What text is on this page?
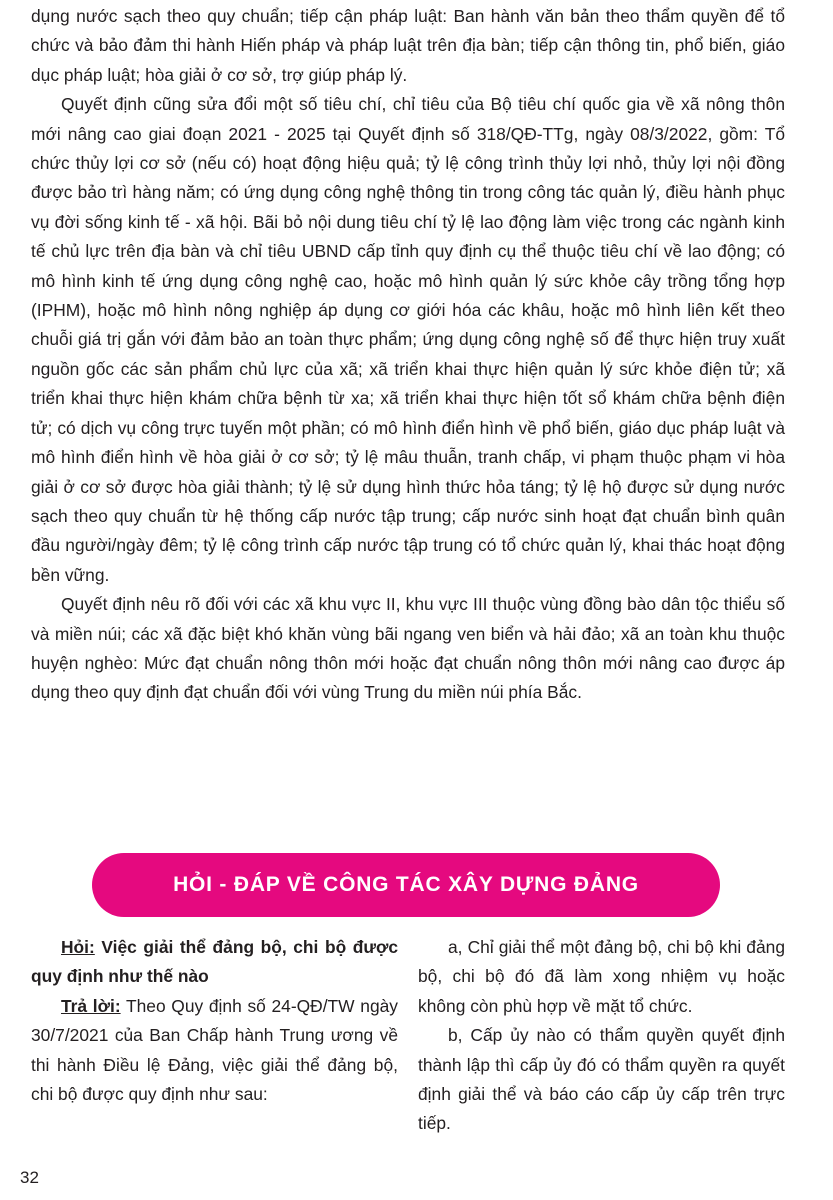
dụng nước sạch theo quy chuẩn; tiếp cận pháp luật: Ban hành văn bản theo thẩm quyền để tổ chức và bảo đảm thi hành Hiến pháp và pháp luật trên địa bàn; tiếp cận thông tin, phổ biến, giáo dục pháp luật; hòa giải ở cơ sở, trợ giúp pháp lý.

Quyết định cũng sửa đổi một số tiêu chí, chỉ tiêu của Bộ tiêu chí quốc gia về xã nông thôn mới nâng cao giai đoạn 2021 - 2025 tại Quyết định số 318/QĐ-TTg, ngày 08/3/2022, gồm: Tổ chức thủy lợi cơ sở (nếu có) hoạt động hiệu quả; tỷ lệ công trình thủy lợi nhỏ, thủy lợi nội đồng được bảo trì hàng năm; có ứng dụng công nghệ thông tin trong công tác quản lý, điều hành phục vụ đời sống kinh tế - xã hội. Bãi bỏ nội dung tiêu chí tỷ lệ lao động làm việc trong các ngành kinh tế chủ lực trên địa bàn và chỉ tiêu UBND cấp tỉnh quy định cụ thể thuộc tiêu chí về lao động; có mô hình kinh tế ứng dụng công nghệ cao, hoặc mô hình quản lý sức khỏe cây trồng tổng hợp (IPHM), hoặc mô hình nông nghiệp áp dụng cơ giới hóa các khâu, hoặc mô hình liên kết theo chuỗi giá trị gắn với đảm bảo an toàn thực phẩm; ứng dụng công nghệ số để thực hiện truy xuất nguồn gốc các sản phẩm chủ lực của xã; xã triển khai thực hiện quản lý sức khỏe điện tử; xã triển khai thực hiện khám chữa bệnh từ xa; xã triển khai thực hiện tốt sổ khám chữa bệnh điện tử; có dịch vụ công trực tuyến một phần; có mô hình điển hình về phổ biến, giáo dục pháp luật và mô hình điển hình về hòa giải ở cơ sở; tỷ lệ mâu thuẫn, tranh chấp, vi phạm thuộc phạm vi hòa giải ở cơ sở được hòa giải thành; tỷ lệ sử dụng hình thức hỏa táng; tỷ lệ hộ được sử dụng nước sạch theo quy chuẩn từ hệ thống cấp nước tập trung; cấp nước sinh hoạt đạt chuẩn bình quân đầu người/ngày đêm; tỷ lệ công trình cấp nước tập trung có tổ chức quản lý, khai thác hoạt động bền vững.

Quyết định nêu rõ đối với các xã khu vực II, khu vực III thuộc vùng đồng bào dân tộc thiểu số và miền núi; các xã đặc biệt khó khăn vùng bãi ngang ven biển và hải đảo; xã an toàn khu thuộc huyện nghèo: Mức đạt chuẩn nông thôn mới hoặc đạt chuẩn nông thôn mới nâng cao được áp dụng theo quy định đạt chuẩn đối với vùng Trung du miền núi phía Bắc.

HỎI - ĐÁP VỀ CÔNG TÁC XÂY DỰNG ĐẢNG

Hỏi: Việc giải thể đảng bộ, chi bộ được quy định như thế nào

Trả lời: Theo Quy định số 24-QĐ/TW ngày 30/7/2021 của Ban Chấp hành Trung ương về thi hành Điều lệ Đảng, việc giải thể đảng bộ, chi bộ được quy định như sau:

a, Chỉ giải thể một đảng bộ, chi bộ khi đảng bộ, chi bộ đó đã làm xong nhiệm vụ hoặc không còn phù hợp về mặt tổ chức.

b, Cấp ủy nào có thẩm quyền quyết định thành lập thì cấp ủy đó có thẩm quyền ra quyết định giải thể và báo cáo cấp ủy cấp trên trực tiếp.

32
